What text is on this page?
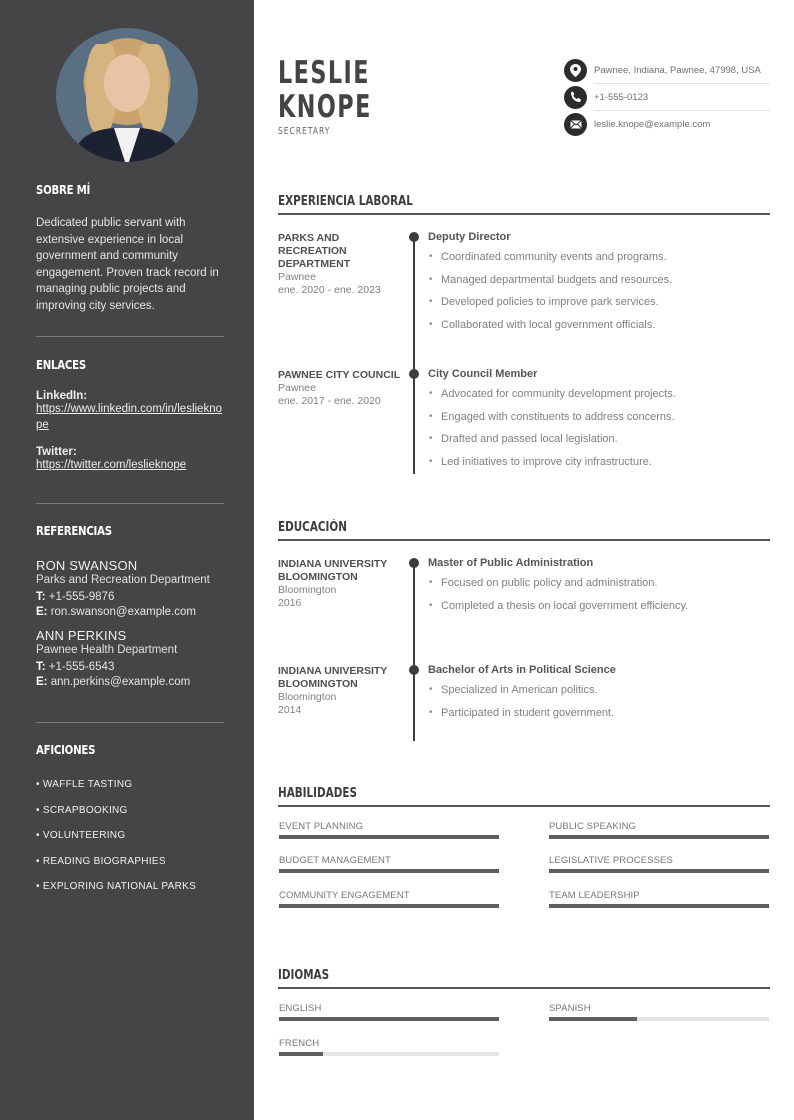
SOBRE MÍ
Dedicated public servant with extensive experience in local government and community engagement. Proven track record in managing public projects and improving city services.
ENLACES
LinkedIn:
https://www.linkedin.com/in/leslieknope
Twitter:
https://twitter.com/leslieknope
REFERENCIAS
RON SWANSON
Parks and Recreation Department
T: +1-555-9876
E: ron.swanson@example.com
ANN PERKINS
Pawnee Health Department
T: +1-555-6543
E: ann.perkins@example.com
AFICIONES
• WAFFLE TASTING
• SCRAPBOOKING
• VOLUNTEERING
• READING BIOGRAPHIES
• EXPLORING NATIONAL PARKS
LESLIE
KNOPE
SECRETARY
Pawnee, Indiana, Pawnee, 47998, USA
+1-555-0123
leslie.knope@example.com
EXPERIENCIA LABORAL
PARKS AND RECREATION DEPARTMENT
Pawnee
ene. 2020 - ene. 2023
Deputy Director
• Coordinated community events and programs.
• Managed departmental budgets and resources.
• Developed policies to improve park services.
• Collaborated with local government officials.
PAWNEE CITY COUNCIL
Pawnee
ene. 2017 - ene. 2020
City Council Member
• Advocated for community development projects.
• Engaged with constituents to address concerns.
• Drafted and passed local legislation.
• Led initiatives to improve city infrastructure.
EDUCACIÓN
INDIANA UNIVERSITY BLOOMINGTON
Bloomington
2016
Master of Public Administration
• Focused on public policy and administration.
• Completed a thesis on local government efficiency.
INDIANA UNIVERSITY BLOOMINGTON
Bloomington
2014
Bachelor of Arts in Political Science
• Specialized in American politics.
• Participated in student government.
HABILIDADES
EVENT PLANNING	PUBLIC SPEAKING
BUDGET MANAGEMENT	LEGISLATIVE PROCESSES
COMMUNITY ENGAGEMENT	TEAM LEADERSHIP
IDIOMAS
ENGLISH	SPANISH
FRENCH
